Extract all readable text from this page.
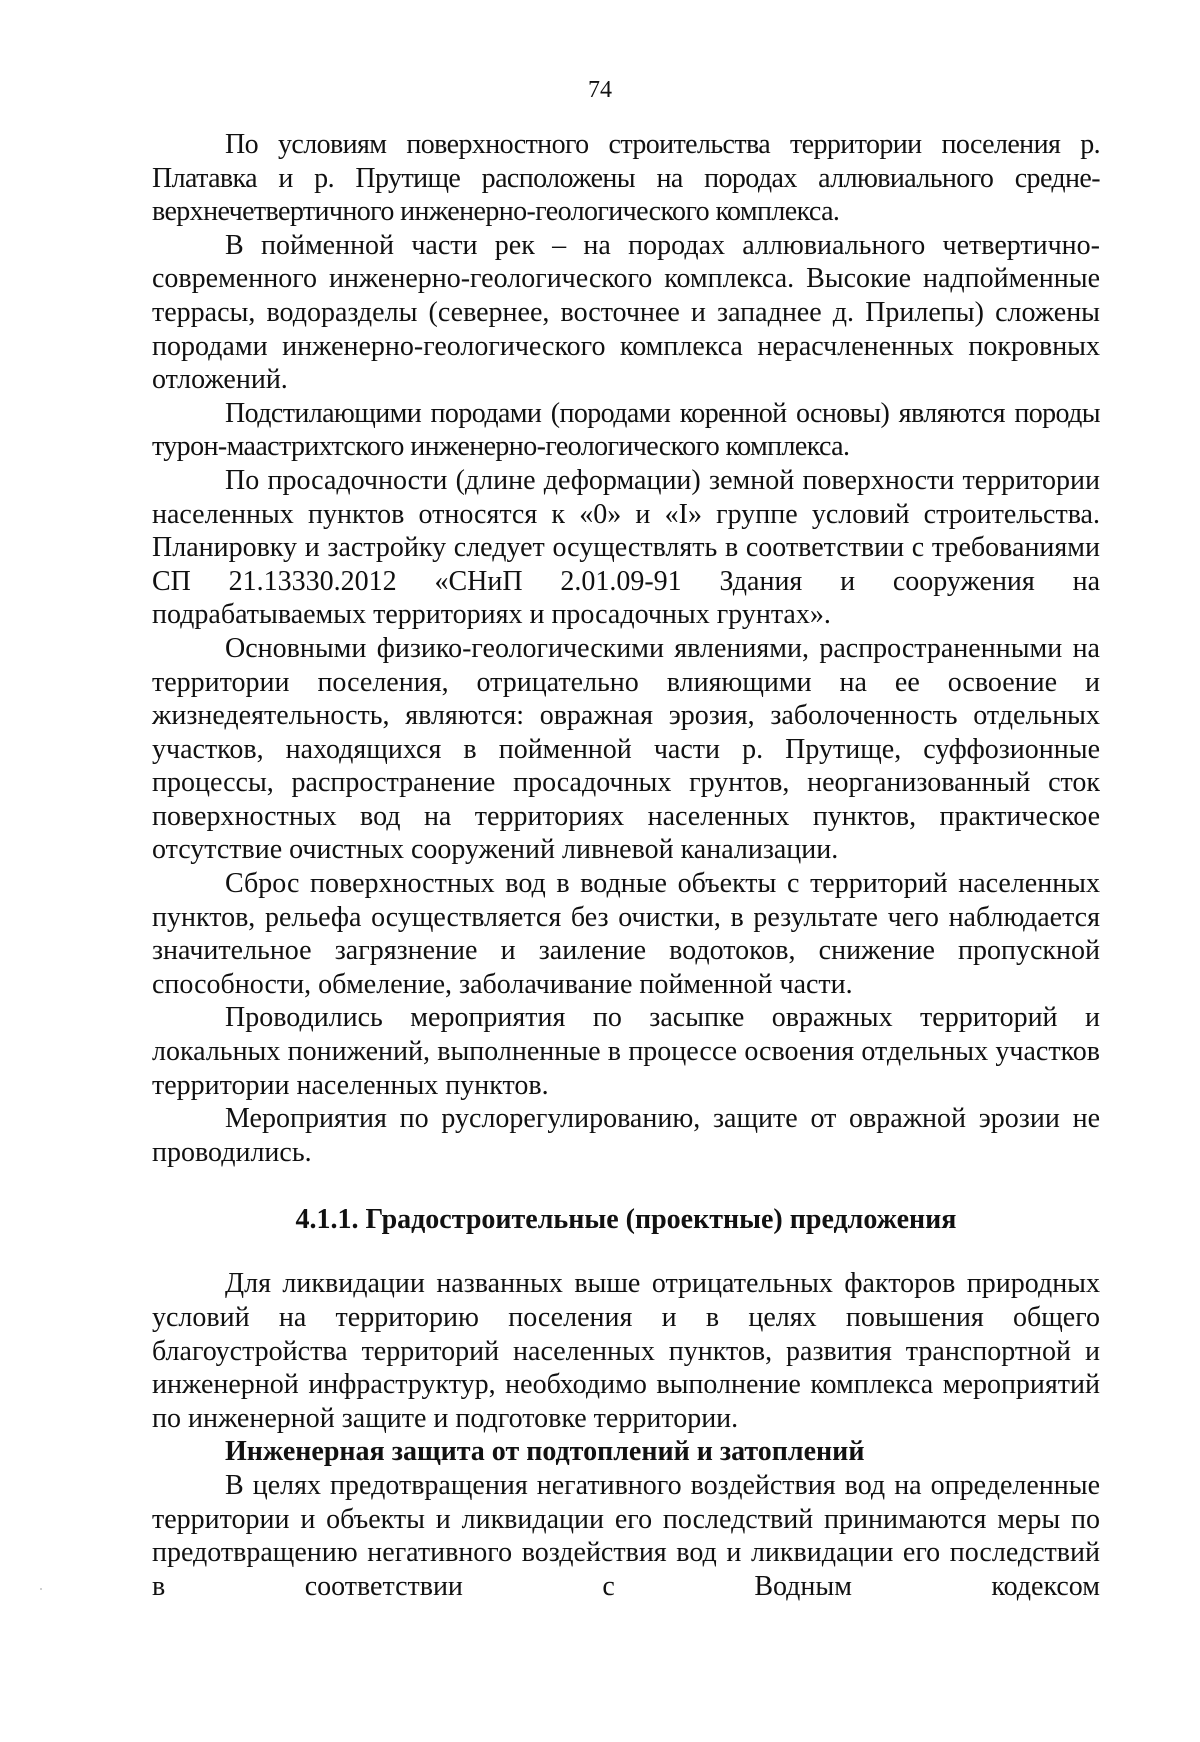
74

По условиям поверхностного строительства территории поселения р. Платавка и р. Прутище расположены на породах аллювиального средне-верхнечетвертичного инженерно-геологического комплекса.

В пойменной части рек – на породах аллювиального четвертично-современного инженерно-геологического комплекса. Высокие надпойменные террасы, водоразделы (севернее, восточнее и западнее д. Прилепы) сложены породами инженерно-геологического комплекса нерасчлененных покровных отложений.

Подстилающими породами (породами коренной основы) являются породы турон-маастрихтского инженерно-геологического комплекса.

По просадочности (длине деформации) земной поверхности территории населенных пунктов относятся к «0» и «I» группе условий строительства. Планировку и застройку следует осуществлять в соответствии с требованиями СП 21.13330.2012 «СНиП 2.01.09-91 Здания и сооружения на подрабатываемых территориях и просадочных грунтах».

Основными физико-геологическими явлениями, распространенными на территории поселения, отрицательно влияющими на ее освоение и жизнедеятельность, являются: овражная эрозия, заболоченность отдельных участков, находящихся в пойменной части р. Прутище, суффозионные процессы, распространение просадочных грунтов, неорганизованный сток поверхностных вод на территориях населенных пунктов, практическое отсутствие очистных сооружений ливневой канализации.

Сброс поверхностных вод в водные объекты с территорий населенных пунктов, рельефа осуществляется без очистки, в результате чего наблюдается значительное загрязнение и заиление водотоков, снижение пропускной способности, обмеление, заболачивание пойменной части.

Проводились мероприятия по засыпке овражных территорий и локальных понижений, выполненные в процессе освоения отдельных участков территории населенных пунктов.

Мероприятия по руслорегулированию, защите от овражной эрозии не проводились.

4.1.1. Градостроительные (проектные) предложения

Для ликвидации названных выше отрицательных факторов природных условий на территорию поселения и в целях повышения общего благоустройства территорий населенных пунктов, развития транспортной и инженерной инфраструктур, необходимо выполнение комплекса мероприятий по инженерной защите и подготовке территории.

Инженерная защита от подтоплений и затоплений

В целях предотвращения негативного воздействия вод на определенные территории и объекты и ликвидации его последствий принимаются меры по предотвращению негативного воздействия вод и ликвидации его последствий в соответствии с Водным кодексом
